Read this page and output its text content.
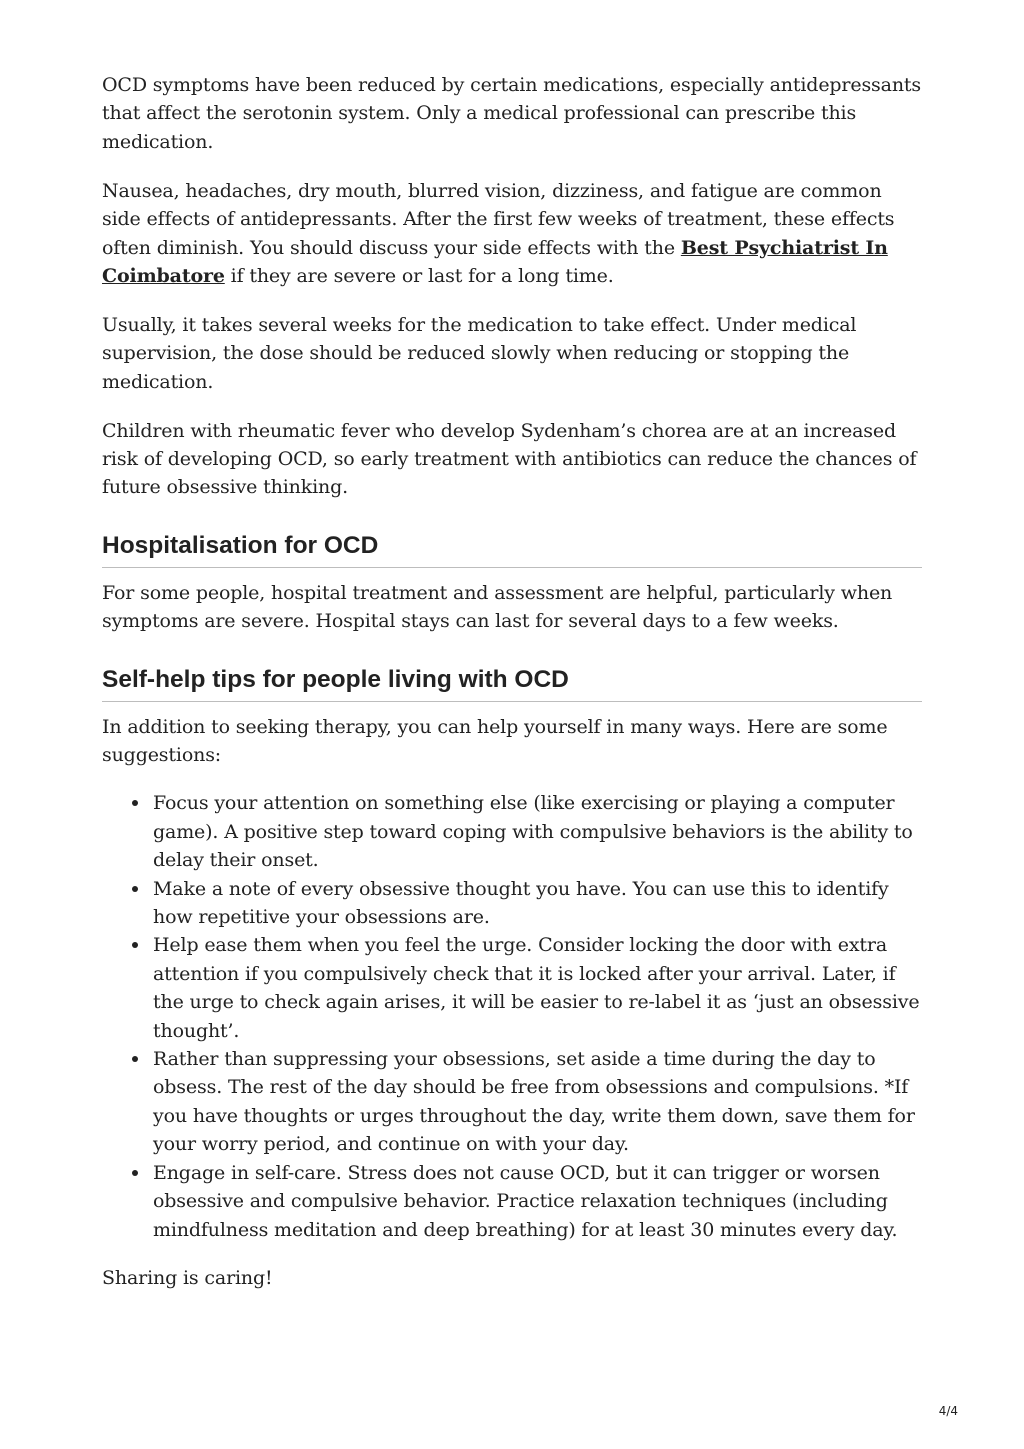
OCD symptoms have been reduced by certain medications, especially antidepressants that affect the serotonin system. Only a medical professional can prescribe this medication.

Nausea, headaches, dry mouth, blurred vision, dizziness, and fatigue are common side effects of antidepressants. After the first few weeks of treatment, these effects often diminish. You should discuss your side effects with the Best Psychiatrist In Coimbatore if they are severe or last for a long time.

Usually, it takes several weeks for the medication to take effect. Under medical supervision, the dose should be reduced slowly when reducing or stopping the medication.

Children with rheumatic fever who develop Sydenham’s chorea are at an increased risk of developing OCD, so early treatment with antibiotics can reduce the chances of future obsessive thinking.

Hospitalisation for OCD

For some people, hospital treatment and assessment are helpful, particularly when symptoms are severe. Hospital stays can last for several days to a few weeks.

Self-help tips for people living with OCD

In addition to seeking therapy, you can help yourself in many ways. Here are some suggestions:

Focus your attention on something else (like exercising or playing a computer game). A positive step toward coping with compulsive behaviors is the ability to delay their onset.
Make a note of every obsessive thought you have. You can use this to identify how repetitive your obsessions are.
Help ease them when you feel the urge. Consider locking the door with extra attention if you compulsively check that it is locked after your arrival. Later, if the urge to check again arises, it will be easier to re-label it as ‘just an obsessive thought’.
Rather than suppressing your obsessions, set aside a time during the day to obsess. The rest of the day should be free from obsessions and compulsions. *If you have thoughts or urges throughout the day, write them down, save them for your worry period, and continue on with your day.
Engage in self-care. Stress does not cause OCD, but it can trigger or worsen obsessive and compulsive behavior. Practice relaxation techniques (including mindfulness meditation and deep breathing) for at least 30 minutes every day.

Sharing is caring!

4/4
